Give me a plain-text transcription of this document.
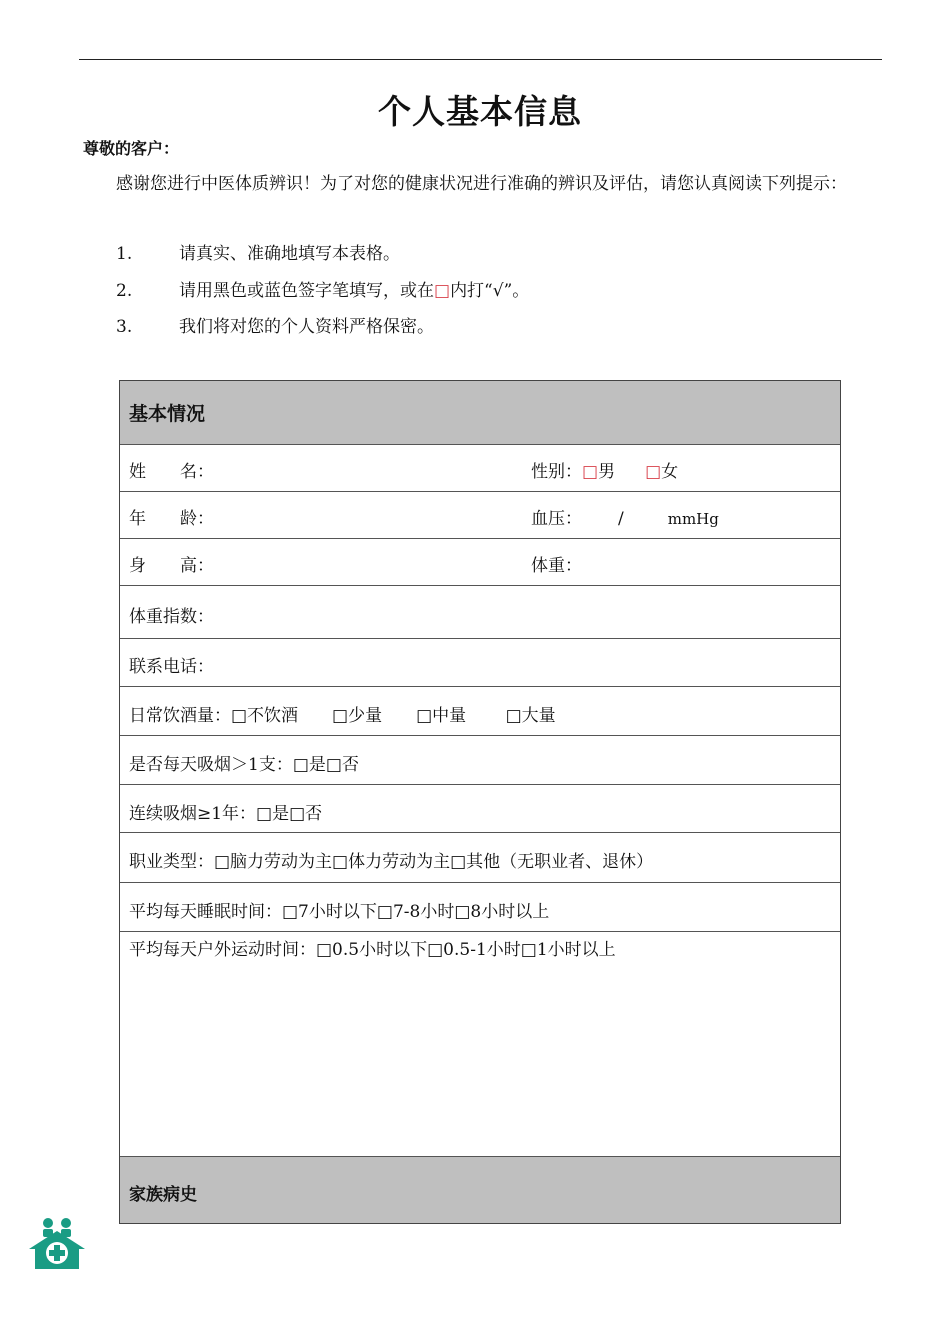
个人基本信息
尊敬的客户：
感谢您进行中医体质辨识！为了对您的健康状况进行准确的辨识及评估，请您认真阅读下列提示：
1.	请真实、准确地填写本表格。
2.	请用黑色或蓝色签字笔填写，或在□内打“√”。
3.	我们将对您的个人资料严格保密。
基本情况
姓　　名：	性别：□男 □女
年　　龄：	血压： /	mmHg
身　　高：	体重：
体重指数：
联系电话：
日常饮酒量：□不饮酒　　□少量　　□中量　　 □大量
是否每天吸烟＞1支：□是□否
连续吸烟≥1年：□是□否
职业类型：□脑力劳动为主□体力劳动为主□其他（无职业者、退休）
平均每天睡眠时间：□7小时以下□7-8小时□8小时以上
平均每天户外运动时间：□0.5小时以下□0.5-1小时□1小时以上
家族病史
